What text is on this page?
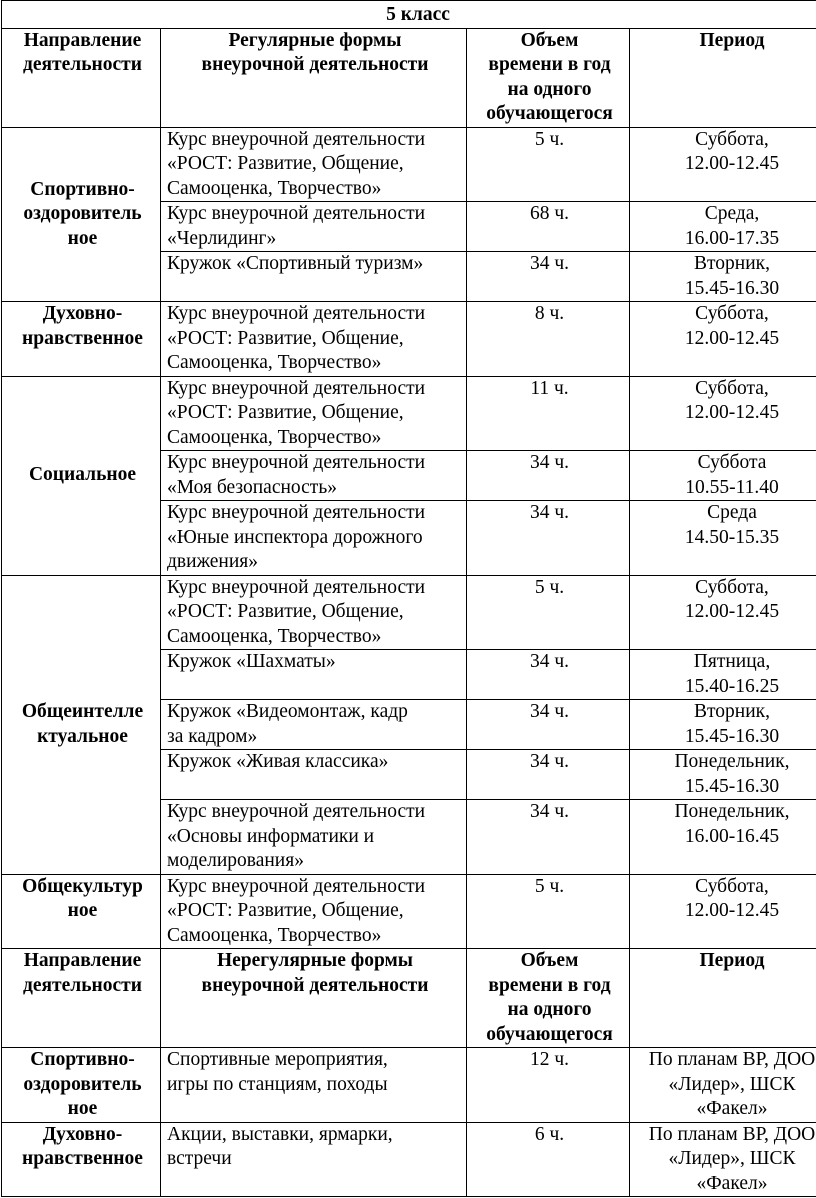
5 класс			
Направление
деятельности	Регулярные формы
внеурочной деятельности	Объем
времени в год
на одного
обучающегося	Период
Спортивно-
оздоровитель
ное	Курс внеурочной деятельности
«РОСТ: Развитие, Общение,
Самооценка, Творчество»	5 ч.	Суббота,
12.00-12.45
	Курс внеурочной деятельности
«Черлидинг»	68 ч.	Среда,
16.00-17.35
	Кружок «Спортивный туризм»	34 ч.	Вторник,
15.45-16.30
Духовно-
нравственное	Курс внеурочной деятельности
«РОСТ: Развитие, Общение,
Самооценка, Творчество»	8 ч.	Суббота,
12.00-12.45
Социальное	Курс внеурочной деятельности
«РОСТ: Развитие, Общение,
Самооценка, Творчество»	11 ч.	Суббота,
12.00-12.45
	Курс внеурочной деятельности
«Моя безопасность»	34 ч.	Суббота
10.55-11.40
	Курс внеурочной деятельности
«Юные инспектора дорожного
движения»	34 ч.	Среда
14.50-15.35
Общеинтелле
ктуальное	Курс внеурочной деятельности
«РОСТ: Развитие, Общение,
Самооценка, Творчество»	5 ч.	Суббота,
12.00-12.45
	Кружок «Шахматы»	34 ч.	Пятница,
15.40-16.25
	Кружок «Видеомонтаж, кадр
за кадром»	34 ч.	Вторник,
15.45-16.30
	Кружок «Живая классика»	34 ч.	Понедельник,
15.45-16.30
	Курс внеурочной деятельности
«Основы информатики и
моделирования»	34 ч.	Понедельник,
16.00-16.45
Общекультур
ное	Курс внеурочной деятельности
«РОСТ: Развитие, Общение,
Самооценка, Творчество»	5 ч.	Суббота,
12.00-12.45
Направление
деятельности	Нерегулярные формы
внеурочной деятельности	Объем
времени в год
на одного
обучающегося	Период
Спортивно-
оздоровитель
ное	Спортивные мероприятия,
игры по станциям, походы	12 ч.	По планам ВР, ДОО
«Лидер», ШСК
«Факел»
Духовно-
нравственное	Акции, выставки, ярмарки,
встречи	6 ч.	По планам ВР, ДОО
«Лидер», ШСК
«Факел»
